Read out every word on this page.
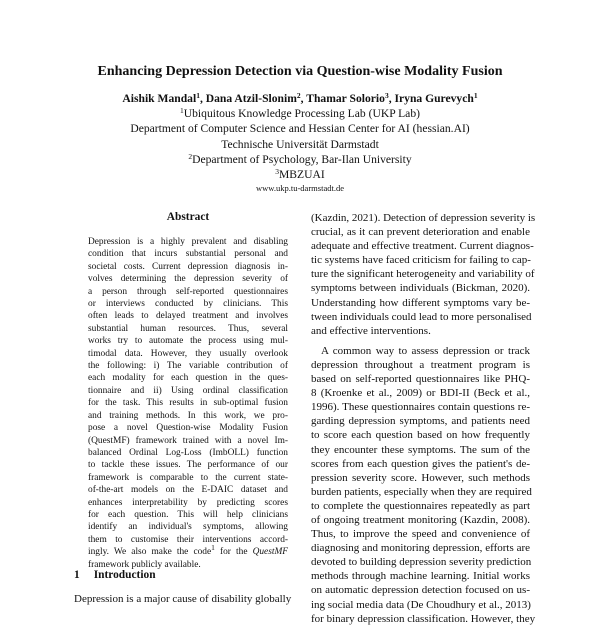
Enhancing Depression Detection via Question-wise Modality Fusion
Aishik Mandal$^1$, Dana Atzil-Slonim$^2$, Thamar Solorio$^3$, Iryna Gurevych$^1$
$^1$Ubiquitous Knowledge Processing Lab (UKP Lab)
Department of Computer Science and Hessian Center for AI (hessian.AI)
Technische Universität Darmstadt
$^2$Department of Psychology, Bar-Ilan University
$^3$MBZUAI
www.ukp.tu-darmstadt.de
Abstract
Depression is a highly prevalent and disabling
condition that incurs substantial personal and
societal costs. Current depression diagnosis in-
volves determining the depression severity of
a person through self-reported questionnaires
or interviews conducted by clinicians. This
often leads to delayed treatment and involves
substantial human resources. Thus, several
works try to automate the process using mul-
timodal data. However, they usually overlook
the following: i) The variable contribution of
each modality for each question in the ques-
tionnaire and ii) Using ordinal classification
for the task. This results in sub-optimal fusion
and training methods. In this work, we pro-
pose a novel Question-wise Modality Fusion
(QuestMF) framework trained with a novel Im-
balanced Ordinal Log-Loss (ImbOLL) function
to tackle these issues. The performance of our
framework is comparable to the current state-
of-the-art models on the E-DAIC dataset and
enhances interpretability by predicting scores
for each question. This will help clinicians
identify an individual's symptoms, allowing
them to customise their interventions accord-
ingly. We also make the code$^1$ for the QuestMF
framework publicly available.
1 Introduction
Depression is a major cause of disability globally
(Kazdin, 2021). Detection of depression severity is
crucial, as it can prevent deterioration and enable
adequate and effective treatment. Current diagnos-
tic systems have faced criticism for failing to cap-
ture the significant heterogeneity and variability of
symptoms between individuals (Bickman, 2020).
Understanding how different symptoms vary be-
tween individuals could lead to more personalised
and effective interventions.
A common way to assess depression or track
depression throughout a treatment program is
based on self-reported questionnaires like PHQ-
8 (Kroenke et al., 2009) or BDI-II (Beck et al.,
1996). These questionnaires contain questions re-
garding depression symptoms, and patients need
to score each question based on how frequently
they encounter these symptoms. The sum of the
scores from each question gives the patient's de-
pression severity score. However, such methods
burden patients, especially when they are required
to complete the questionnaires repeatedly as part
of ongoing treatment monitoring (Kazdin, 2008).
Thus, to improve the speed and convenience of
diagnosing and monitoring depression, efforts are
devoted to building depression severity prediction
methods through machine learning. Initial works
on automatic depression detection focused on us-
ing social media data (De Choudhury et al., 2013)
for binary depression classification. However, they
